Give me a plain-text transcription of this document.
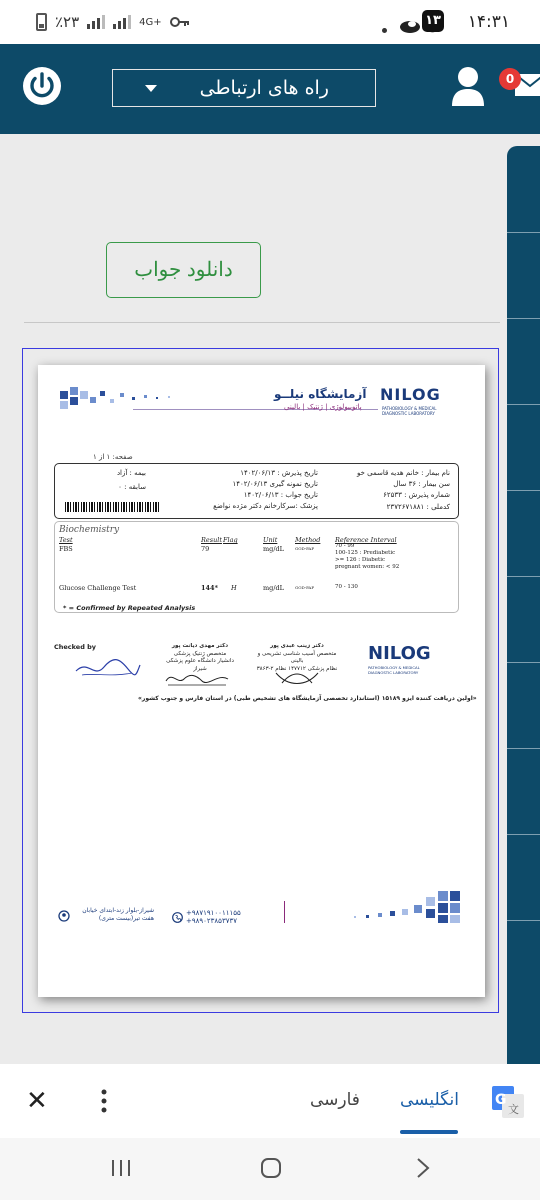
٪۲۳	4G+	۱۳ ۱۴:۳۱
راه های ارتباطی	0
دانلود جواب
آزمایشگاه نیلــو
پاتوبیولوژی | ژنتیک | بالینی
NILOG
PATHOBIOLOGY & MEDICAL DIAGNOSTIC LABORATORY
صفحه: ۱ از ۱
نام بیمار : خانم هدیه قاسمی خو
سن بیمار : ۳۶ سال
شماره پذیرش : ۶۲۵۳۳
کدملی : ۲۳۷۲۶۷۱۸۸۱
تاریخ پذیرش : ۱۴۰۲/۰۶/۱۳
تاریخ نمونه گیری ۱۴۰۲/۰۶/۱۳
تاریخ جواب : ۱۴۰۲/۰۶/۱۳
پزشک :سرکارخانم دکتر مژده نواضع
بیمه : آزاد
سابقه : ۰
Biochemistry
Test	Result Flag	Unit	Method Reference Interval
FBS	79	mg/dL	GOD-PAP	70 - 99
100-125 : Prediabetic
>= 126 : Diabetic
pregnant women: < 92
Glucose Challenge Test	144* H	mg/dL	GOD-PAP	70 - 130
* = Confirmed by Repeated Analysis
Checked by	دکتر مهدی دیانت پور
متخصص ژنتیک پزشکی
دانشیار دانشگاه علوم پزشکی شیراز
دکتر زینب عبدی پور
متخصص آسیب شناسی تشریحی و بالینی
نظام پزشکی ۱۴۷۷۱۲ نظام ۲-۳۸۶۳
NILOG
PATHOBIOLOGY & MEDICAL DIAGNOSTIC LABORATORY
«اولین دریافت کننده ایزو ۱۵۱۸۹ (استاندارد تخصصی آزمایشگاه های تشخیص طبی) در استان فارس و جنوب کشور»
شیراز-بلوار زند-ابتدای خیابان هفت تیر(بیست متری)
+۹۸۷۱۹۱۰۰۱۱۱۵۵
+۹۸۹۰۲۳۸۵۳۷۳۷
✕	فارسی انگلیسی	G
文
